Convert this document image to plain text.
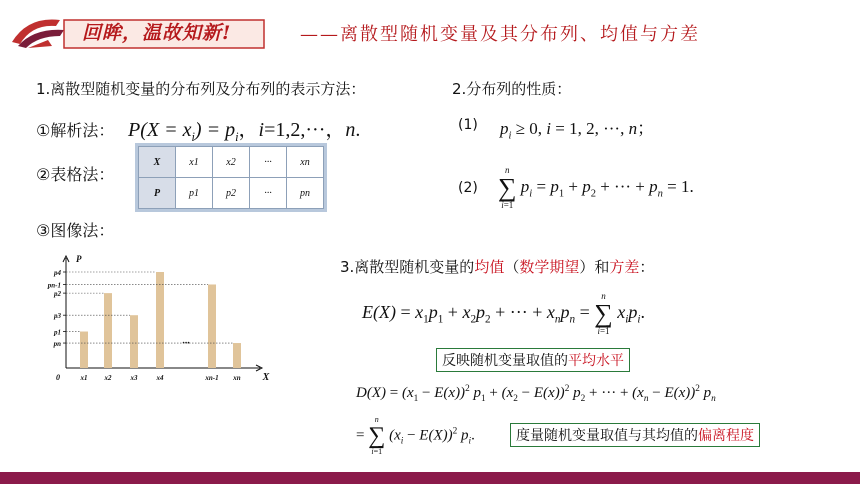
回眸，温故知新!	——离散型随机变量及其分布列、均值与方差
1.离散型随机变量的分布列及分布列的表示方法：
①解析法： $P(X = x_i) = p_i$，i=1,2,···，n.
②表格法：
X	x1	x2	···	xn
P	p1	p2	···	pn
③图像法：
P
X
0	x1 x2	x3	x4
···
xn-1 xn
pn
p1
p3
p2
pn-1
p4
2.分布列的性质：
(1) $p_i \ge 0$, i = 1, 2, ···, n；
(2)
n
∑
i=1
$p_i = p_1 + p_2$ + ··· + $p_n = 1$.
3.离散型随机变量的均值（数学期望）和方差：
$E(X) = x_1p_1 + x_2p_2$ + ··· + $x_np_n$ =
n
∑
i=1
$x_ip_i$.
反映随机变量取值的平均水平
$D(X) = (x_1 - E(x))^2$ $p_1 + (x_2 - E(x))^2$ $p_2$ + ··· + $(x_n - E(x))^2$ $p_n$
=
n
∑
i=1
$(x_i - E(X))^2$ $p_i$.	度量随机变量取值与其均值的偏离程度
